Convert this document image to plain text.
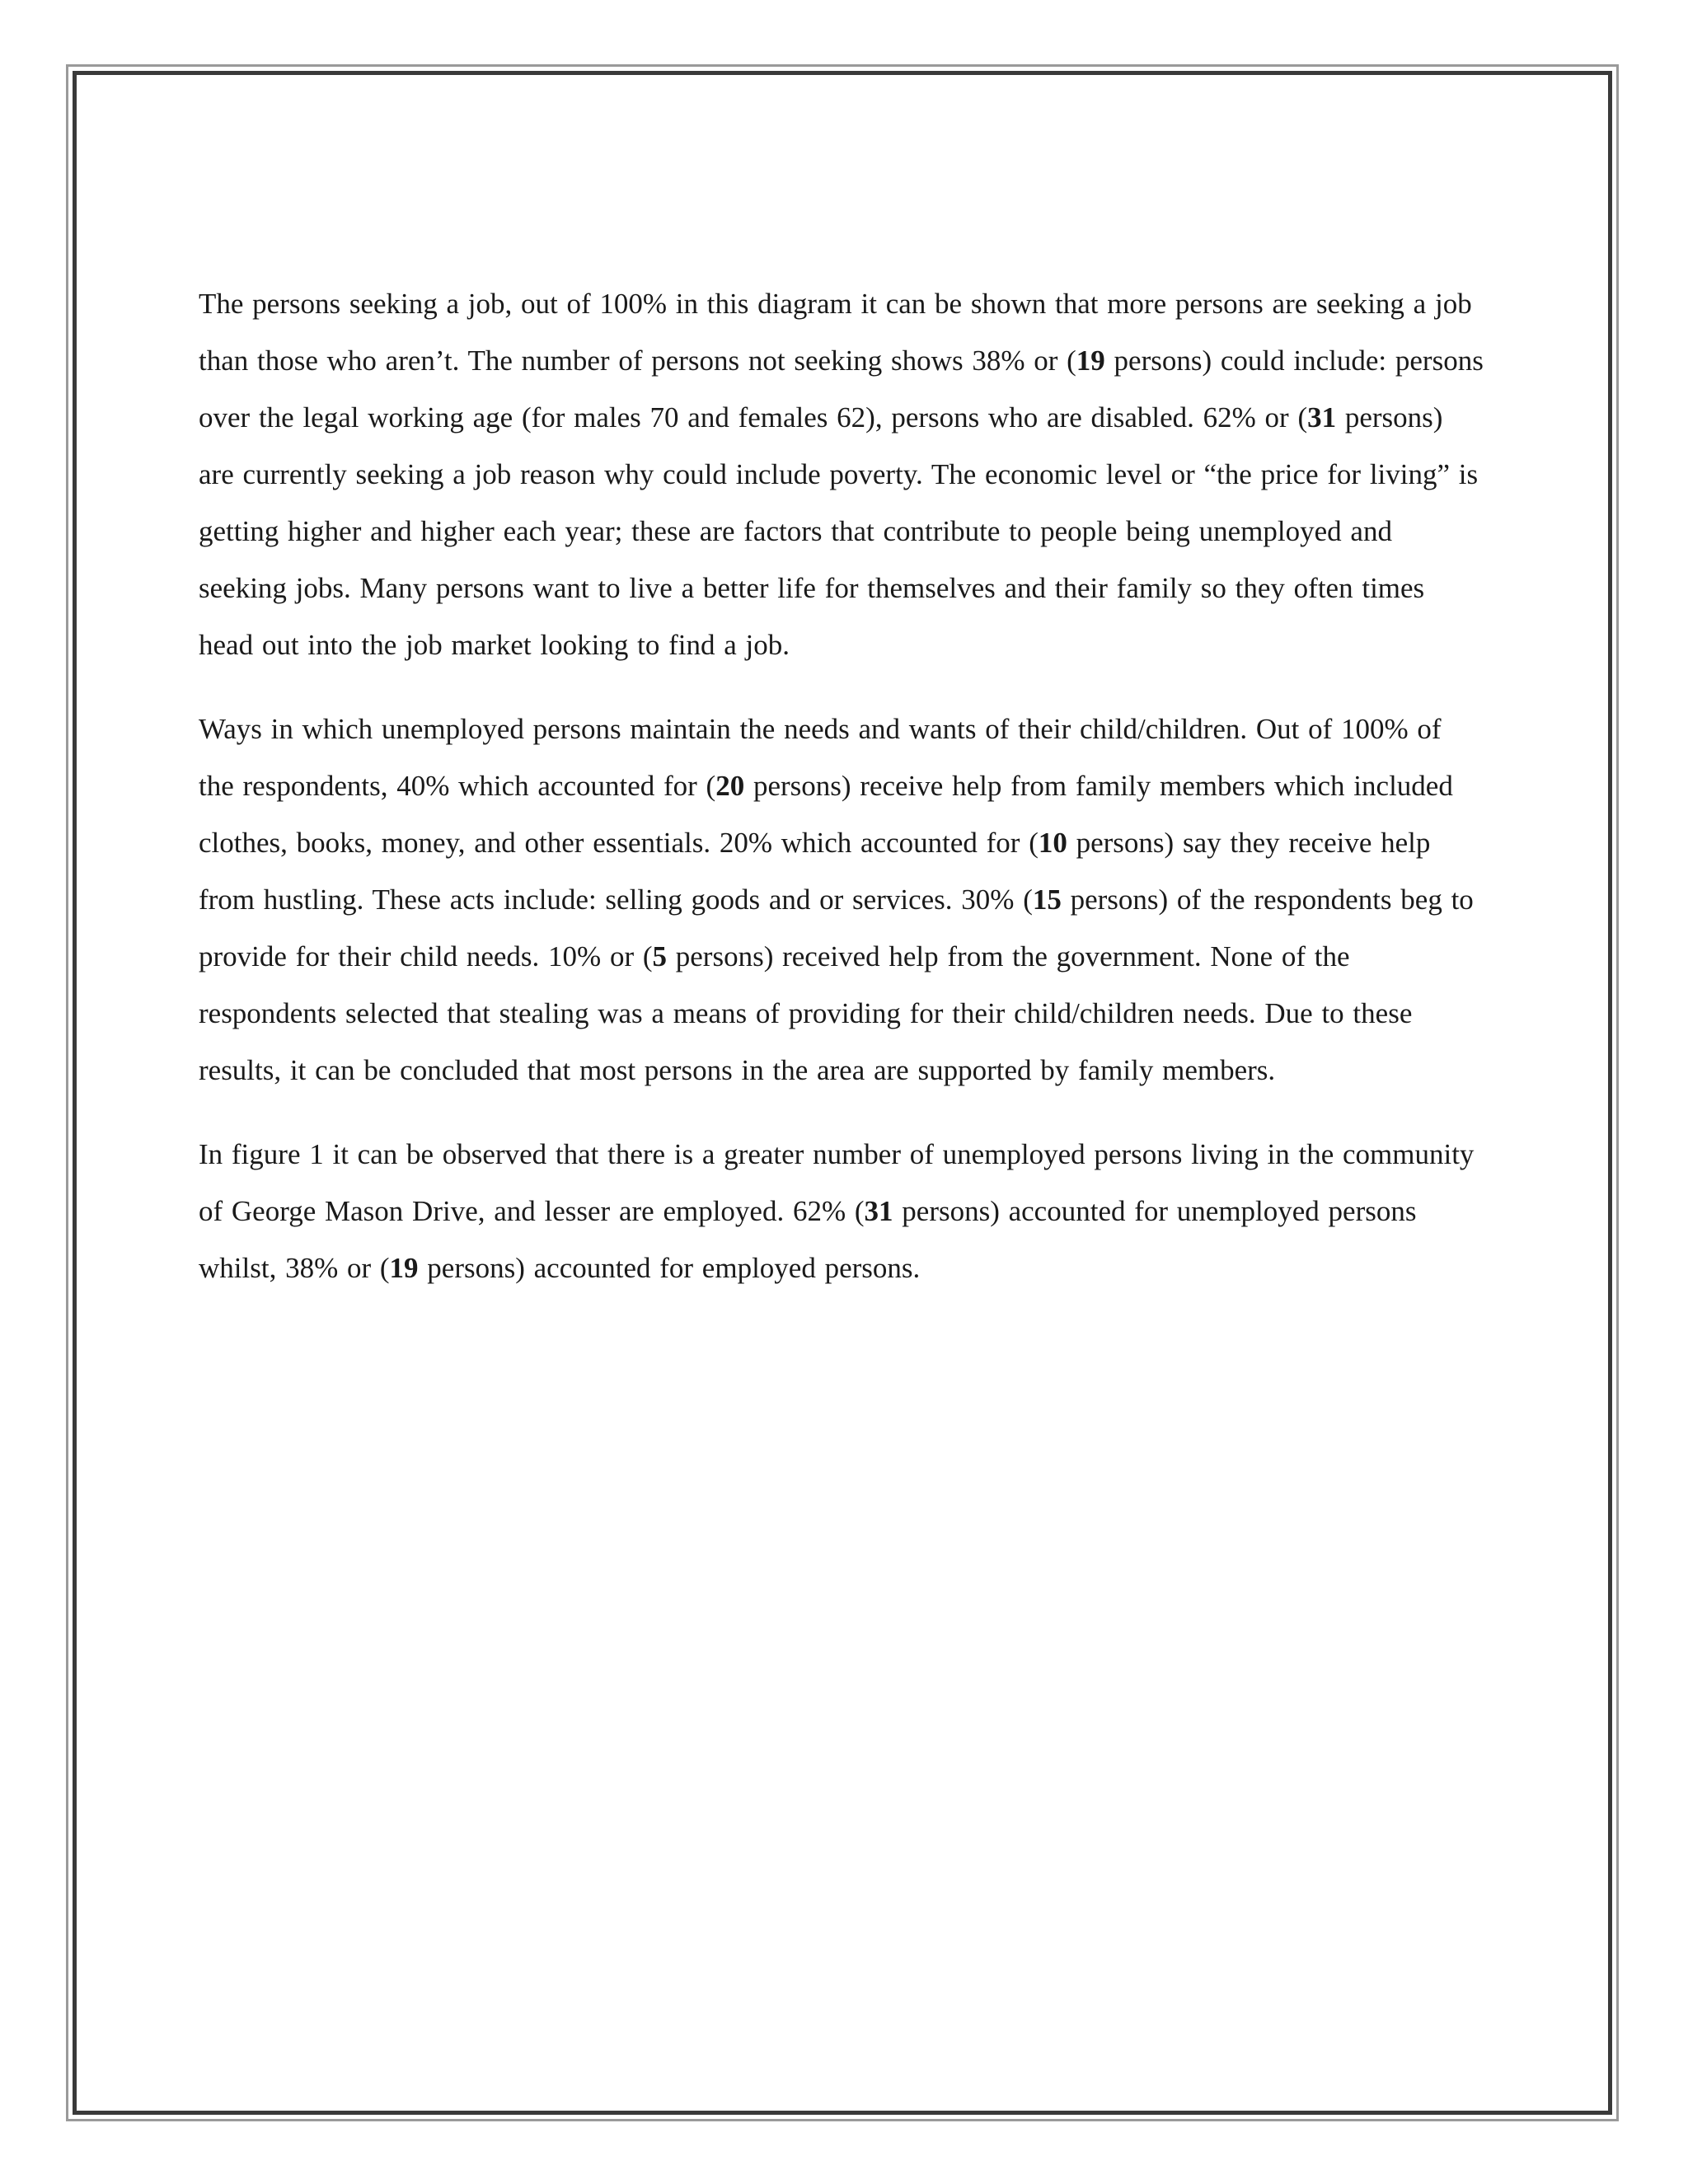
The persons seeking a job, out of 100% in this diagram it can be shown that more persons are seeking a job than those who aren’t. The number of persons not seeking shows 38% or (19 persons) could include: persons over the legal working age (for males 70 and females 62), persons who are disabled. 62% or (31 persons) are currently seeking a job reason why could include poverty. The economic level or “the price for living” is getting higher and higher each year; these are factors that contribute to people being unemployed and seeking jobs. Many persons want to live a better life for themselves and their family so they often times head out into the job market looking to find a job.

Ways in which unemployed persons maintain the needs and wants of their child/children. Out of 100% of the respondents, 40% which accounted for (20 persons) receive help from family members which included clothes, books, money, and other essentials. 20% which accounted for (10 persons) say they receive help from hustling. These acts include: selling goods and or services. 30% (15 persons) of the respondents beg to provide for their child needs. 10% or (5 persons) received help from the government. None of the respondents selected that stealing was a means of providing for their child/children needs. Due to these results, it can be concluded that most persons in the area are supported by family members.

In figure 1 it can be observed that there is a greater number of unemployed persons living in the community of George Mason Drive, and lesser are employed. 62% (31 persons) accounted for unemployed persons whilst, 38% or (19 persons) accounted for employed persons.
